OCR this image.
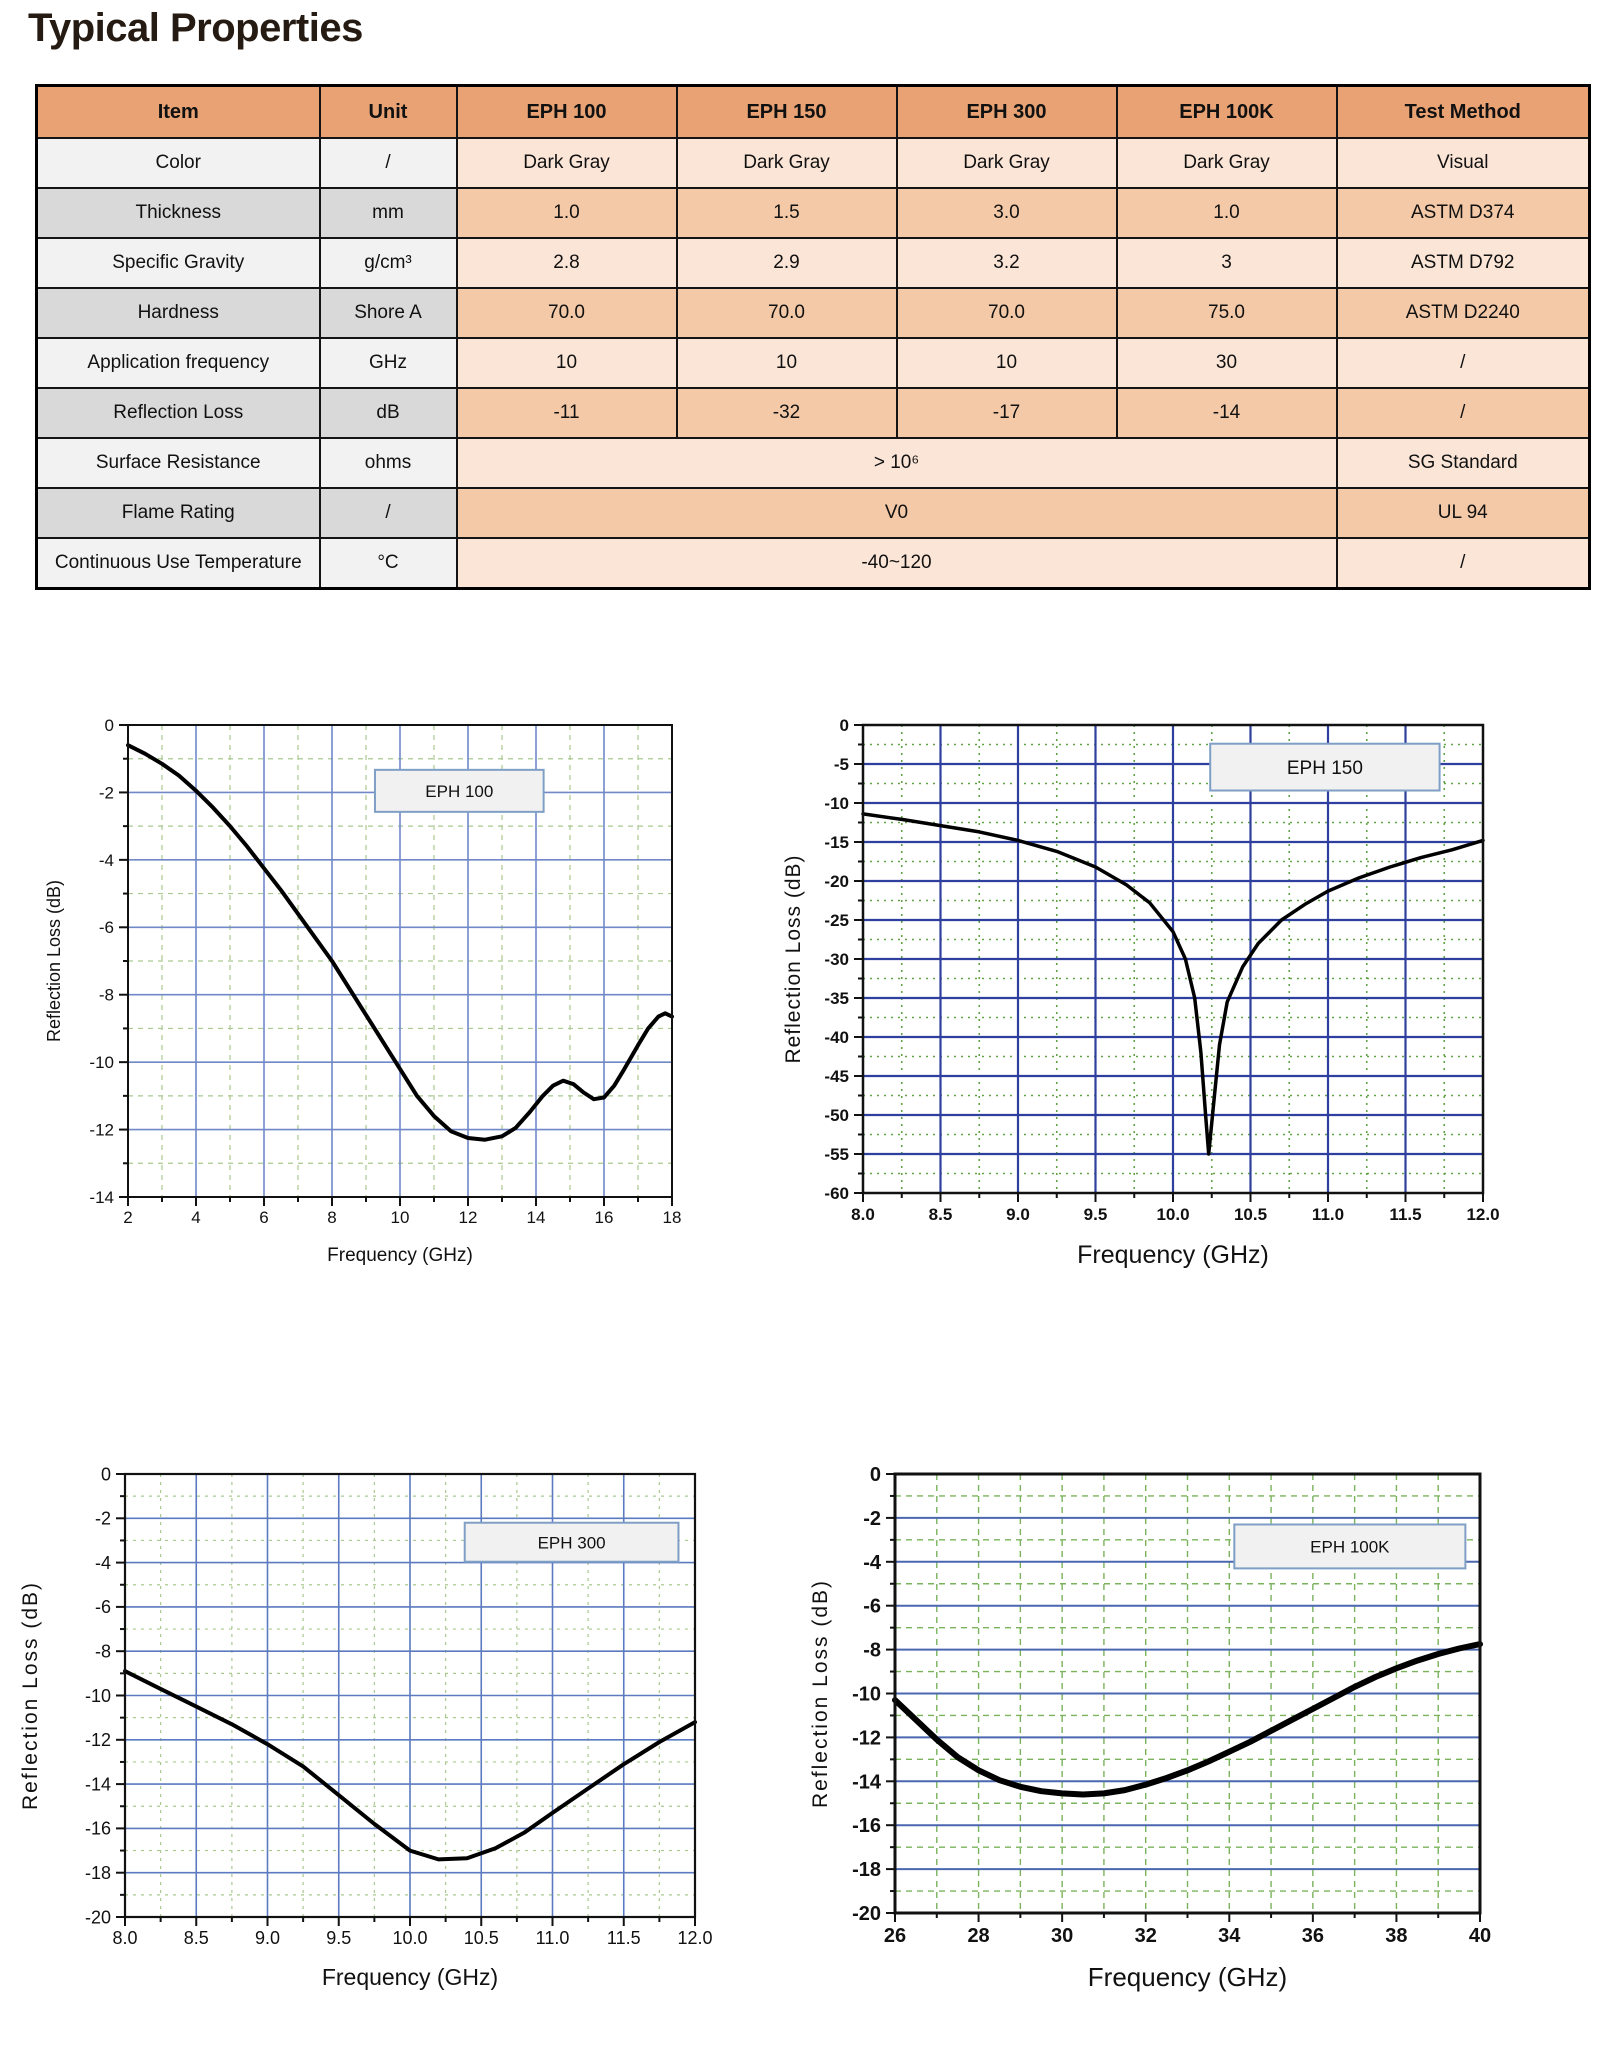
Typical Properties
Item	Unit	EPH 100	EPH 150	EPH 300	EPH 100K	Test Method
Color	/	Dark Gray	Dark Gray	Dark Gray	Dark Gray	Visual
Thickness	mm	1.0	1.5	3.0	1.0	ASTM D374
Specific Gravity	g/cm³	2.8	2.9	3.2	3	ASTM D792
Hardness	Shore A	70.0	70.0	70.0	75.0	ASTM D2240
Application frequency	GHz	10	10	10	30	/
Reflection Loss	dB	-11	-32	-17	-14	/
Surface Resistance	ohms	> 10⁶				SG Standard
Flame Rating	/	V0				UL 94
Continuous Use Temperature	°C	-40~120				/
2	4	6	8	10	12	14	16	18
0
-2
-4
-6
-8
-10
-12
-14
Frequency (GHz)
Reflection Loss (dB)
EPH 100
8.0	8.5	9.0	9.5	10.0	10.5	11.0	11.5	12.0
0
-5
-10
-15
-20
-25
-30
-35
-40
-45
-50
-55
-60
Frequency (GHz)
Reflection Loss (dB)
EPH 150
8.0	8.5	9.0	9.5 10.0 10.5 11.0 11.5 12.0
0
-2
-4
-6
-8
-10
-12
-14
-16
-18
-20
Frequency (GHz)
Reflection Loss (dB)
EPH 300
26	28	30	32	34	36	38	40
0
-2
-4
-6
-8
-10
-12
-14
-16
-18
-20
Frequency (GHz)
Reflection Loss (dB)
EPH 100K
